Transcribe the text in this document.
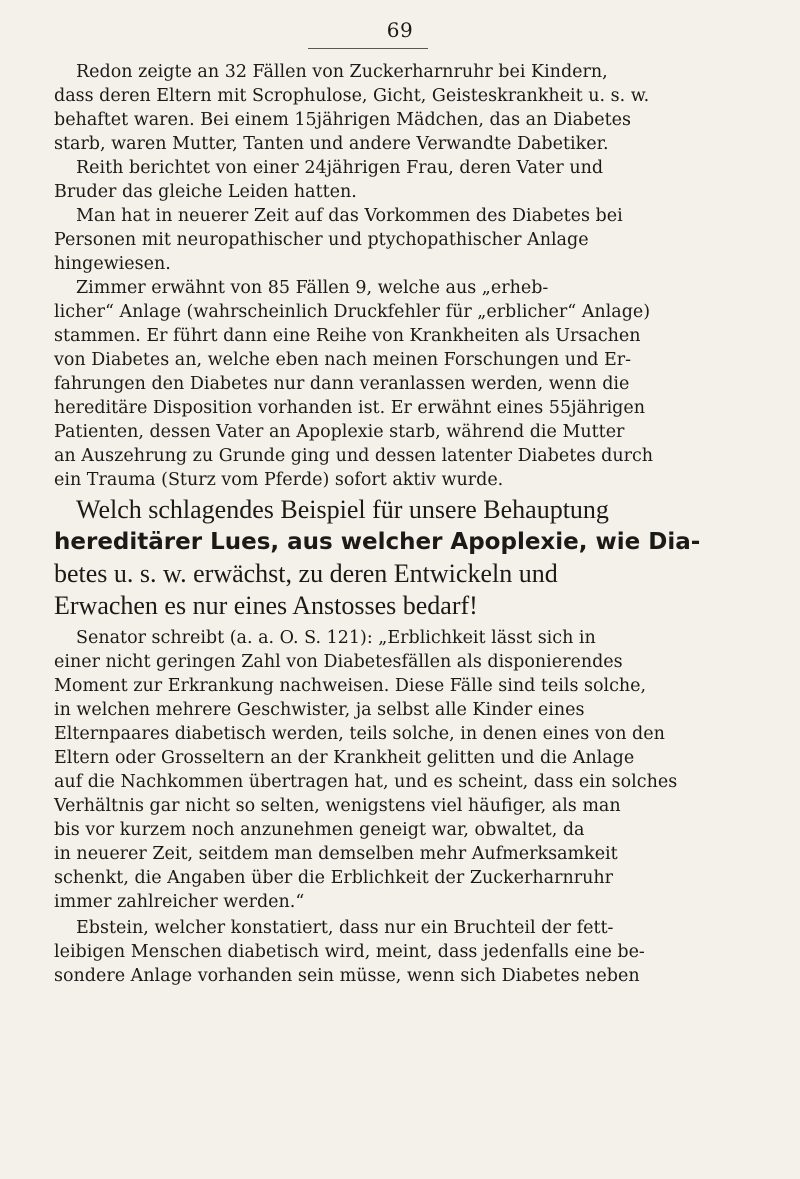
69
Redon zeigte an 32 Fällen von Zuckerharnruhr bei Kindern,
dass deren Eltern mit Scrophulose, Gicht, Geisteskrankheit u. s. w.
behaftet waren. Bei einem 15jährigen Mädchen, das an Diabetes
starb, waren Mutter, Tanten und andere Verwandte Dabetiker.
Reith berichtet von einer 24jährigen Frau, deren Vater und
Bruder das gleiche Leiden hatten.
Man hat in neuerer Zeit auf das Vorkommen des Diabetes bei
Personen mit neuropathischer und ptychopathischer Anlage
hingewiesen.
Zimmer erwähnt von 85 Fällen 9, welche aus „erheb-
licher“ Anlage (wahrscheinlich Druckfehler für „erblicher“ Anlage)
stammen. Er führt dann eine Reihe von Krankheiten als Ursachen
von Diabetes an, welche eben nach meinen Forschungen und Er-
fahrungen den Diabetes nur dann veranlassen werden, wenn die
hereditäre Disposition vorhanden ist. Er erwähnt eines 55jährigen
Patienten, dessen Vater an Apoplexie starb, während die Mutter
an Auszehrung zu Grunde ging und dessen latenter Diabetes durch
ein Trauma (Sturz vom Pferde) sofort aktiv wurde.
Welch schlagendes Beispiel für unsere Behauptung
hereditärer Lues, aus welcher Apoplexie, wie Dia-
betes u. s. w. erwächst, zu deren Entwickeln und
Erwachen es nur eines Anstosses bedarf!
Senator schreibt (a. a. O. S. 121): „Erblichkeit lässt sich in
einer nicht geringen Zahl von Diabetesfällen als disponierendes
Moment zur Erkrankung nachweisen. Diese Fälle sind teils solche,
in welchen mehrere Geschwister, ja selbst alle Kinder eines
Elternpaares diabetisch werden, teils solche, in denen eines von den
Eltern oder Grosseltern an der Krankheit gelitten und die Anlage
auf die Nachkommen übertragen hat, und es scheint, dass ein solches
Verhältnis gar nicht so selten, wenigstens viel häufiger, als man
bis vor kurzem noch anzunehmen geneigt war, obwaltet, da
in neuerer Zeit, seitdem man demselben mehr Aufmerksamkeit
schenkt, die Angaben über die Erblichkeit der Zuckerharnruhr
immer zahlreicher werden.“
Ebstein, welcher konstatiert, dass nur ein Bruchteil der fett-
leibigen Menschen diabetisch wird, meint, dass jedenfalls eine be-
sondere Anlage vorhanden sein müsse, wenn sich Diabetes neben
